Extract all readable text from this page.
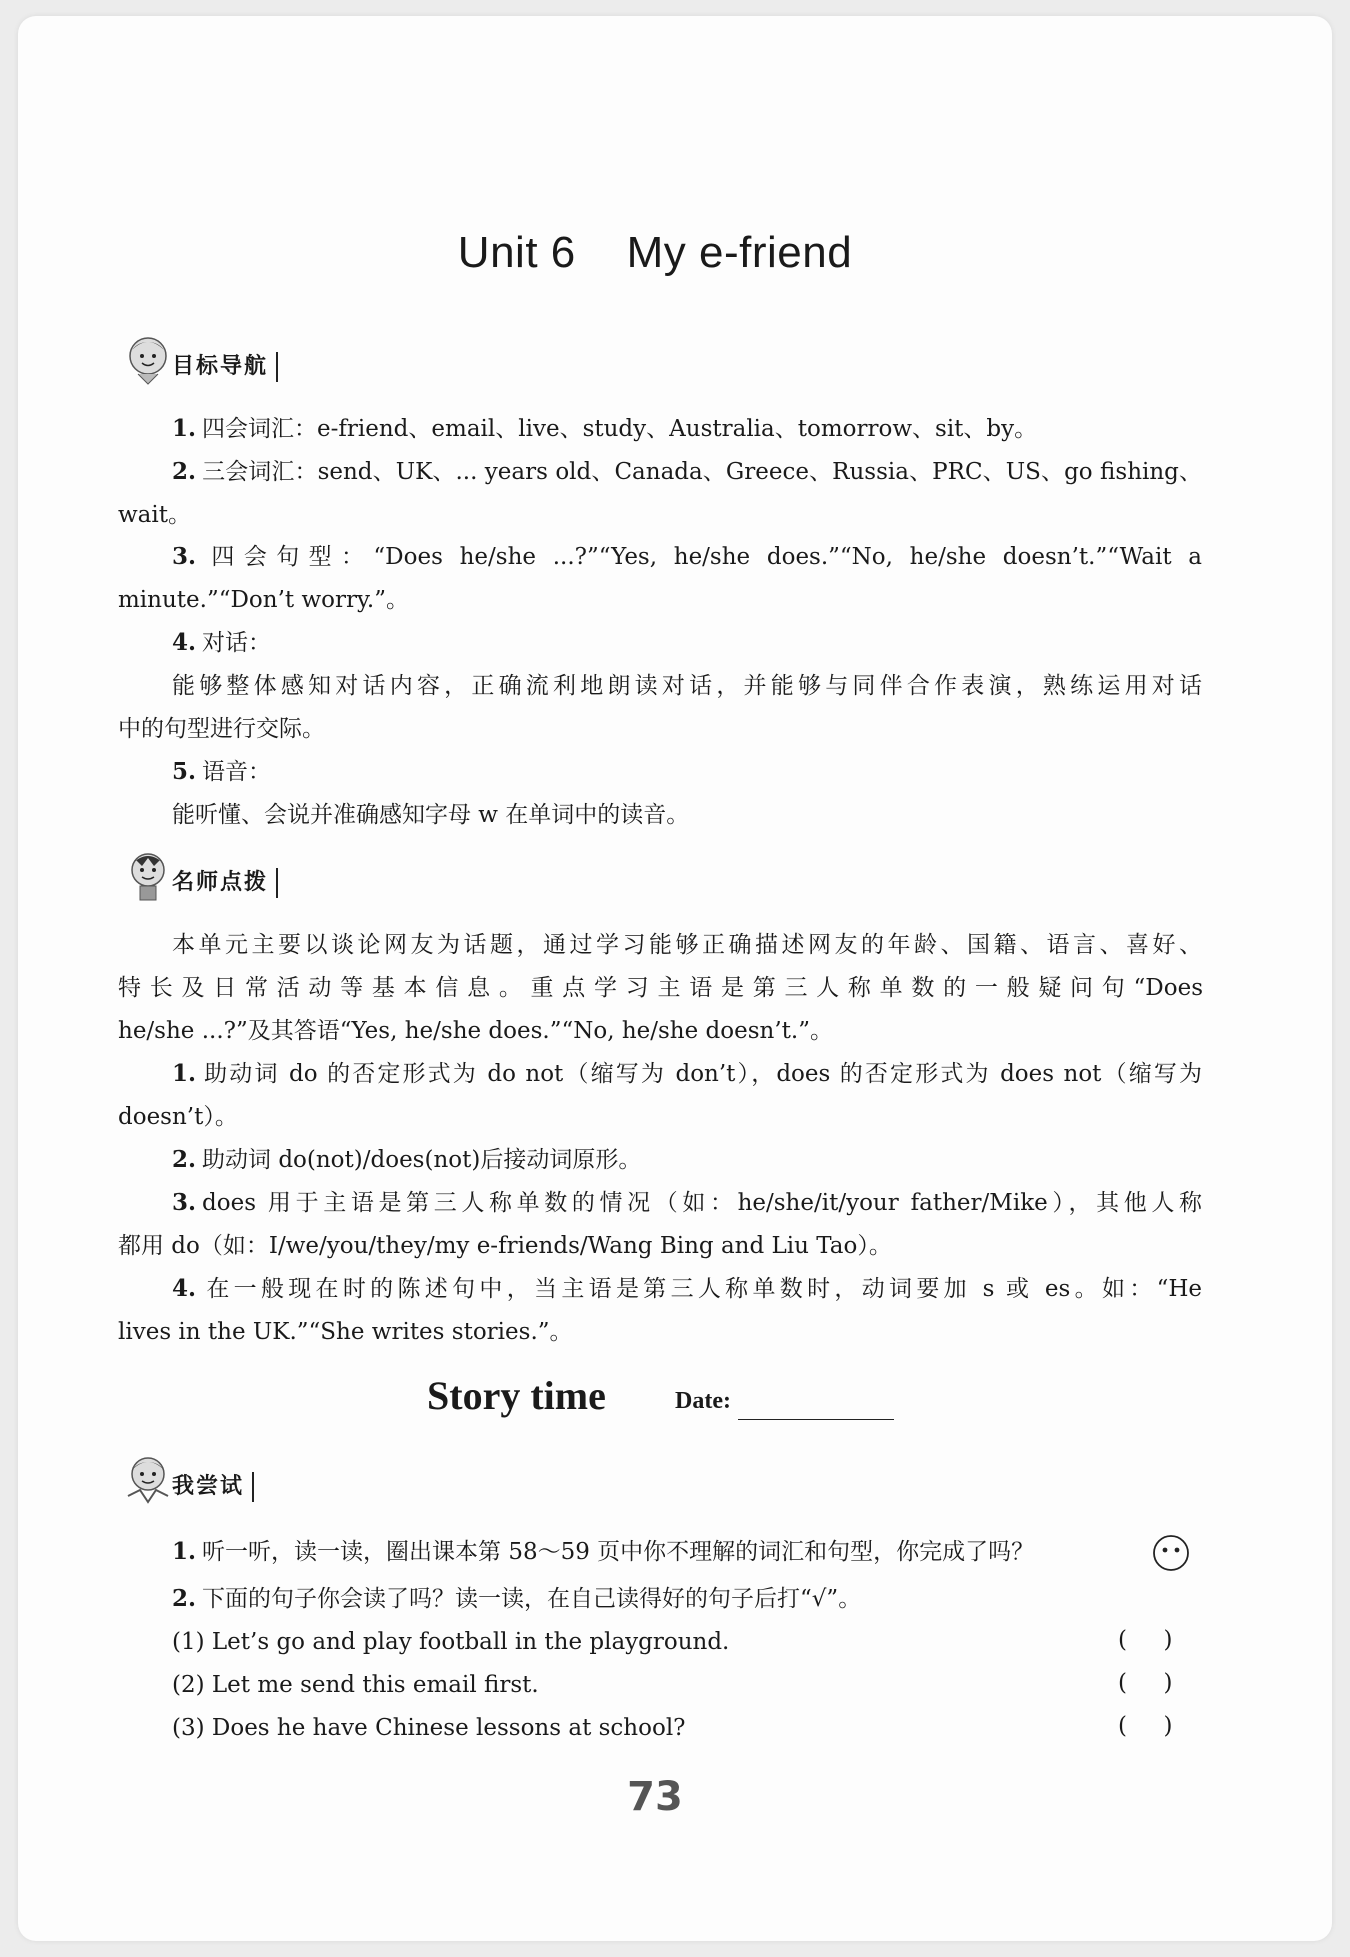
Unit 6    My e-friend
目标导航
1. 四会词汇：e-friend、email、live、study、Australia、tomorrow、sit、by。
2. 三会词汇：send、UK、... years old、Canada、Greece、Russia、PRC、US、go fishing、
wait。
3. 四会句型：“Does he/she ...?”“Yes, he/she does.”“No, he/she doesn’t.”“Wait a
minute.”“Don’t worry.”。
4. 对话：
能够整体感知对话内容，正确流利地朗读对话，并能够与同伴合作表演，熟练运用对话
中的句型进行交际。
5. 语音：
能听懂、会说并准确感知字母 w 在单词中的读音。
名师点拨
本单元主要以谈论网友为话题，通过学习能够正确描述网友的年龄、国籍、语言、喜好、
特长及日常活动等基本信息。重点学习主语是第三人称单数的一般疑问句“Does
he/she ...?”及其答语“Yes, he/she does.”“No, he/she doesn’t.”。
1. 助动词 do 的否定形式为 do not（缩写为 don’t），does 的否定形式为 does not（缩写为
doesn’t）。
2. 助动词 do(not)/does(not)后接动词原形。
3. does 用于主语是第三人称单数的情况（如：he/she/it/your father/Mike），其他人称
都用 do（如：I/we/you/they/my e-friends/Wang Bing and Liu Tao）。
4. 在一般现在时的陈述句中，当主语是第三人称单数时，动词要加 s 或 es。如：“He
lives in the UK.”“She writes stories.”。
Story time	Date:
我尝试
1. 听一听，读一读，圈出课本第 58～59 页中你不理解的词汇和句型，你完成了吗？
2. 下面的句子你会读了吗？读一读，在自己读得好的句子后打“√”。
(1) Let’s go and play football in the playground.	(     )
(2) Let me send this email first.	(     )
(3) Does he have Chinese lessons at school?	(     )
73
